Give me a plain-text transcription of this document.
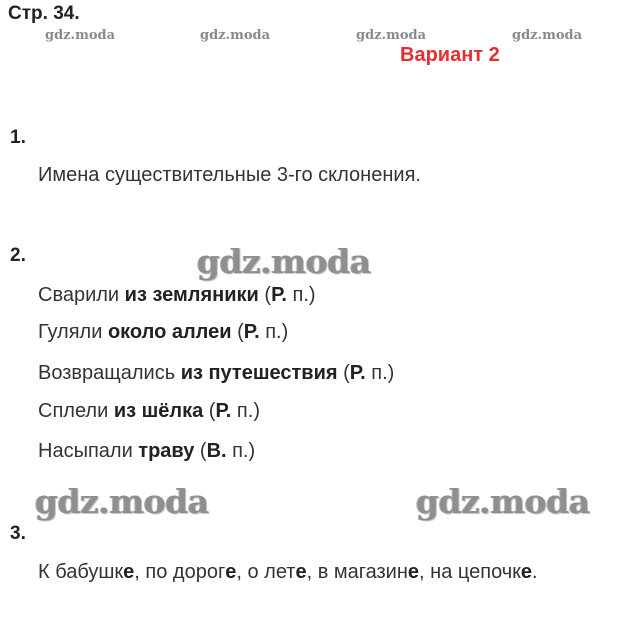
Стр. 34.
gdz.moda	gdz.moda	gdz.moda	gdz.moda
Вариант 2
1.
Имена существительные 3-го склонения.
2.	gdz.moda
Сварили из земляники (Р. п.)
Гуляли около аллеи (Р. п.)
Возвращались из путешествия (Р. п.)
Сплели из шёлка (Р. п.)
Насыпали траву (В. п.)
gdz.moda	gdz.moda
3.
К бабушке, по дороге, о лете, в магазине, на цепочке.
